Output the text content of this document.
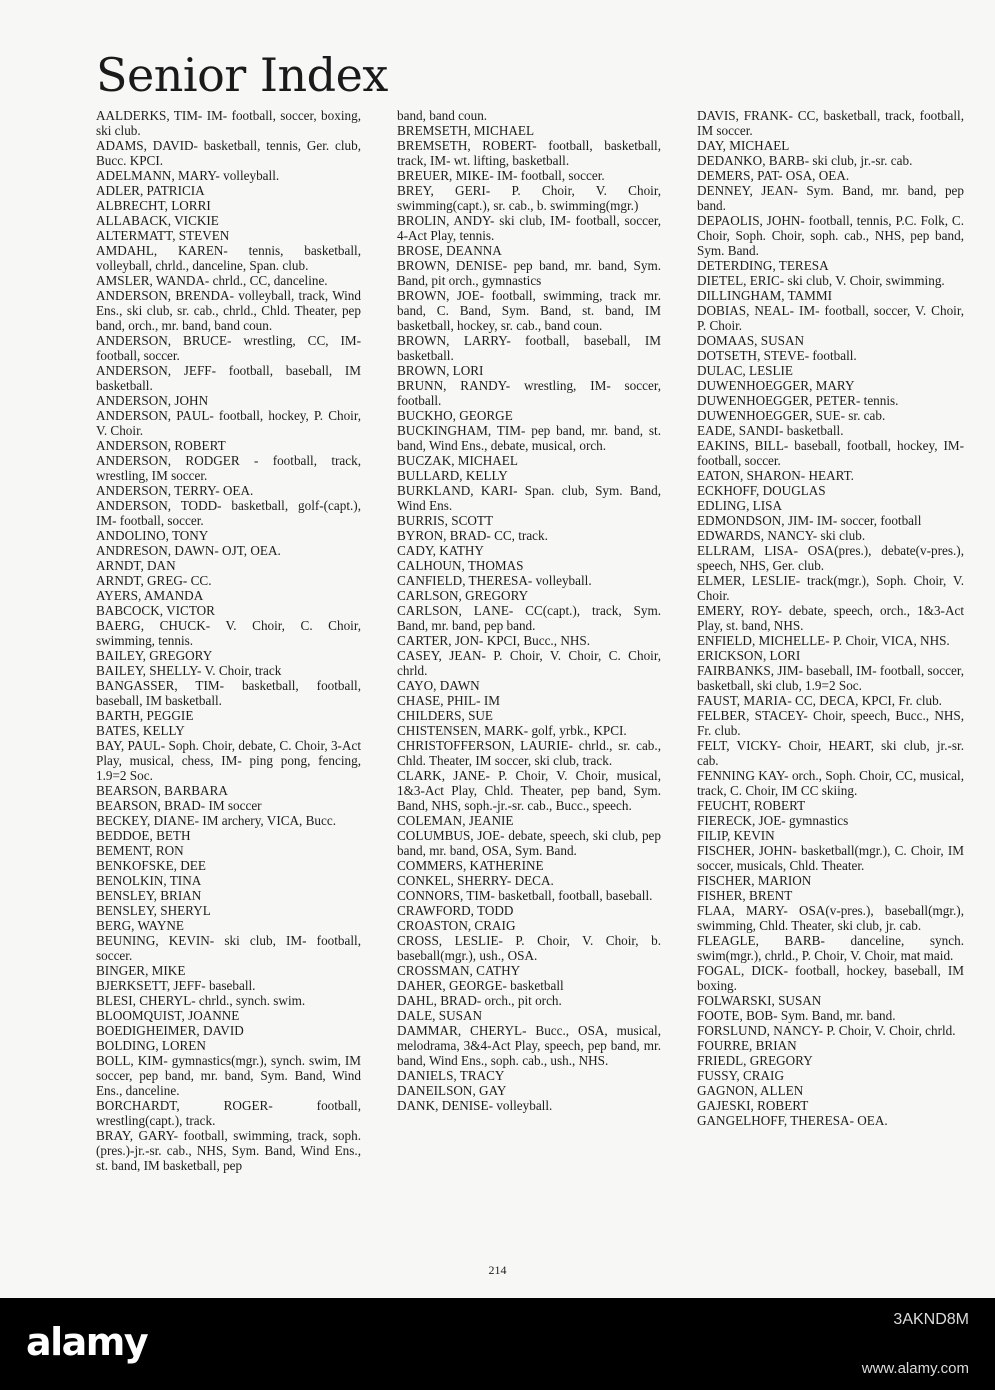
Senior Index

AALDERKS, TIM- IM- football, soccer, boxing, ski club.

ADAMS, DAVID- basketball, tennis, Ger. club, Bucc. KPCI.

ADELMANN, MARY- volleyball.

ADLER, PATRICIA

ALBRECHT, LORRI

ALLABACK, VICKIE

ALTERMATT, STEVEN

AMDAHL, KAREN- tennis, basketball, volleyball, chrld., danceline, Span. club.

AMSLER, WANDA- chrld., CC, danceline.

ANDERSON, BRENDA- volleyball, track, Wind Ens., ski club, sr. cab., chrld., Chld. Theater, pep band, orch., mr. band, band coun.

ANDERSON, BRUCE- wrestling, CC, IM-football, soccer.

ANDERSON, JEFF- football, baseball, IM basketball.

ANDERSON, JOHN

ANDERSON, PAUL- football, hockey, P. Choir, V. Choir.

ANDERSON, ROBERT

ANDERSON, RODGER - football, track, wrestling, IM soccer.

ANDERSON, TERRY- OEA.

ANDERSON, TODD- basketball, golf-(capt.), IM- football, soccer.

ANDOLINO, TONY

ANDRESON, DAWN- OJT, OEA.

ARNDT, DAN

ARNDT, GREG- CC.

AYERS, AMANDA

BABCOCK, VICTOR

BAERG, CHUCK- V. Choir, C. Choir, swimming, tennis.

BAILEY, GREGORY

BAILEY, SHELLY- V. Choir, track

BANGASSER, TIM- basketball, football, baseball, IM basketball.

BARTH, PEGGIE

BATES, KELLY

BAY, PAUL- Soph. Choir, debate, C. Choir, 3-Act Play, musical, chess, IM- ping pong, fencing, 1.9=2 Soc.

BEARSON, BARBARA

BEARSON, BRAD- IM soccer

BECKEY, DIANE- IM archery, VICA, Bucc.

BEDDOE, BETH

BEMENT, RON

BENKOFSKE, DEE

BENOLKIN, TINA

BENSLEY, BRIAN

BENSLEY, SHERYL

BERG, WAYNE

BEUNING, KEVIN- ski club, IM- football, soccer.

BINGER, MIKE

BJERKSETT, JEFF- baseball.

BLESI, CHERYL- chrld., synch. swim.

BLOOMQUIST, JOANNE

BOEDIGHEIMER, DAVID

BOLDING, LOREN

BOLL, KIM- gymnastics(mgr.), synch. swim, IM soccer, pep band, mr. band, Sym. Band, Wind Ens., danceline.

BORCHARDT, ROGER- football, wrestling(capt.), track.

BRAY, GARY- football, swimming, track, soph.(pres.)-jr.-sr. cab., NHS, Sym. Band, Wind Ens., st. band, IM basketball, pep

band, band coun.

BREMSETH, MICHAEL

BREMSETH, ROBERT- football, basketball, track, IM- wt. lifting, basketball.

BREUER, MIKE- IM- football, soccer.

BREY, GERI- P. Choir, V. Choir, swimming(capt.), sr. cab., b. swimming(mgr.)

BROLIN, ANDY- ski club, IM- football, soccer, 4-Act Play, tennis.

BROSE, DEANNA

BROWN, DENISE- pep band, mr. band, Sym. Band, pit orch., gymnastics

BROWN, JOE- football, swimming, track mr. band, C. Band, Sym. Band, st. band, IM basketball, hockey, sr. cab., band coun.

BROWN, LARRY- football, baseball, IM basketball.

BROWN, LORI

BRUNN, RANDY- wrestling, IM- soccer, football.

BUCKHO, GEORGE

BUCKINGHAM, TIM- pep band, mr. band, st. band, Wind Ens., debate, musical, orch.

BUCZAK, MICHAEL

BULLARD, KELLY

BURKLAND, KARI- Span. club, Sym. Band, Wind Ens.

BURRIS, SCOTT

BYRON, BRAD- CC, track.

CADY, KATHY

CALHOUN, THOMAS

CANFIELD, THERESA- volleyball.

CARLSON, GREGORY

CARLSON, LANE- CC(capt.), track, Sym. Band, mr. band, pep band.

CARTER, JON- KPCI, Bucc., NHS.

CASEY, JEAN- P. Choir, V. Choir, C. Choir, chrld.

CAYO, DAWN

CHASE, PHIL- IM

CHILDERS, SUE

CHISTENSEN, MARK- golf, yrbk., KPCI.

CHRISTOFFERSON, LAURIE- chrld., sr. cab., Chld. Theater, IM soccer, ski club, track.

CLARK, JANE- P. Choir, V. Choir, musical, 1&3-Act Play, Chld. Theater, pep band, Sym. Band, NHS, soph.-jr.-sr. cab., Bucc., speech.

COLEMAN, JEANIE

COLUMBUS, JOE- debate, speech, ski club, pep band, mr. band, OSA, Sym. Band.

COMMERS, KATHERINE

CONKEL, SHERRY- DECA.

CONNORS, TIM- basketball, football, baseball.

CRAWFORD, TODD

CROASTON, CRAIG

CROSS, LESLIE- P. Choir, V. Choir, b. baseball(mgr.), ush., OSA.

CROSSMAN, CATHY

DAHER, GEORGE- basketball

DAHL, BRAD- orch., pit orch.

DALE, SUSAN

DAMMAR, CHERYL- Bucc., OSA, musical, melodrama, 3&4-Act Play, speech, pep band, mr. band, Wind Ens., soph. cab., ush., NHS.

DANIELS, TRACY

DANEILSON, GAY

DANK, DENISE- volleyball.

DAVIS, FRANK- CC, basketball, track, football, IM soccer.

DAY, MICHAEL

DEDANKO, BARB- ski club, jr.-sr. cab.

DEMERS, PAT- OSA, OEA.

DENNEY, JEAN- Sym. Band, mr. band, pep band.

DEPAOLIS, JOHN- football, tennis, P.C. Folk, C. Choir, Soph. Choir, soph. cab., NHS, pep band, Sym. Band.

DETERDING, TERESA

DIETEL, ERIC- ski club, V. Choir, swimming.

DILLINGHAM, TAMMI

DOBIAS, NEAL- IM- football, soccer, V. Choir, P. Choir.

DOMAAS, SUSAN

DOTSETH, STEVE- football.

DULAC, LESLIE

DUWENHOEGGER, MARY

DUWENHOEGGER, PETER- tennis.

DUWENHOEGGER, SUE- sr. cab.

EADE, SANDI- basketball.

EAKINS, BILL- baseball, football, hockey, IM- football, soccer.

EATON, SHARON- HEART.

ECKHOFF, DOUGLAS

EDLING, LISA

EDMONDSON, JIM- IM- soccer, football

EDWARDS, NANCY- ski club.

ELLRAM, LISA- OSA(pres.), debate(v-pres.), speech, NHS, Ger. club.

ELMER, LESLIE- track(mgr.), Soph. Choir, V. Choir.

EMERY, ROY- debate, speech, orch., 1&3-Act Play, st. band, NHS.

ENFIELD, MICHELLE- P. Choir, VICA, NHS.

ERICKSON, LORI

FAIRBANKS, JIM- baseball, IM- football, soccer, basketball, ski club, 1.9=2 Soc.

FAUST, MARIA- CC, DECA, KPCI, Fr. club.

FELBER, STACEY- Choir, speech, Bucc., NHS, Fr. club.

FELT, VICKY- Choir, HEART, ski club, jr.-sr. cab.

FENNING KAY- orch., Soph. Choir, CC, musical, track, C. Choir, IM CC skiing.

FEUCHT, ROBERT

FIERECK, JOE- gymnastics

FILIP, KEVIN

FISCHER, JOHN- basketball(mgr.), C. Choir, IM soccer, musicals, Chld. Theater.

FISCHER, MARION

FISHER, BRENT

FLAA, MARY- OSA(v-pres.), baseball(mgr.), swimming, Chld. Theater, ski club, jr. cab.

FLEAGLE, BARB- danceline, synch. swim(mgr.), chrld., P. Choir, V. Choir, mat maid.

FOGAL, DICK- football, hockey, baseball, IM boxing.

FOLWARSKI, SUSAN

FOOTE, BOB- Sym. Band, mr. band.

FORSLUND, NANCY- P. Choir, V. Choir, chrld.

FOURRE, BRIAN

FRIEDL, GREGORY

FUSSY, CRAIG

GAGNON, ALLEN

GAJESKI, ROBERT

GANGELHOFF, THERESA- OEA.

214
alamy
3AKND8M
www.alamy.com
